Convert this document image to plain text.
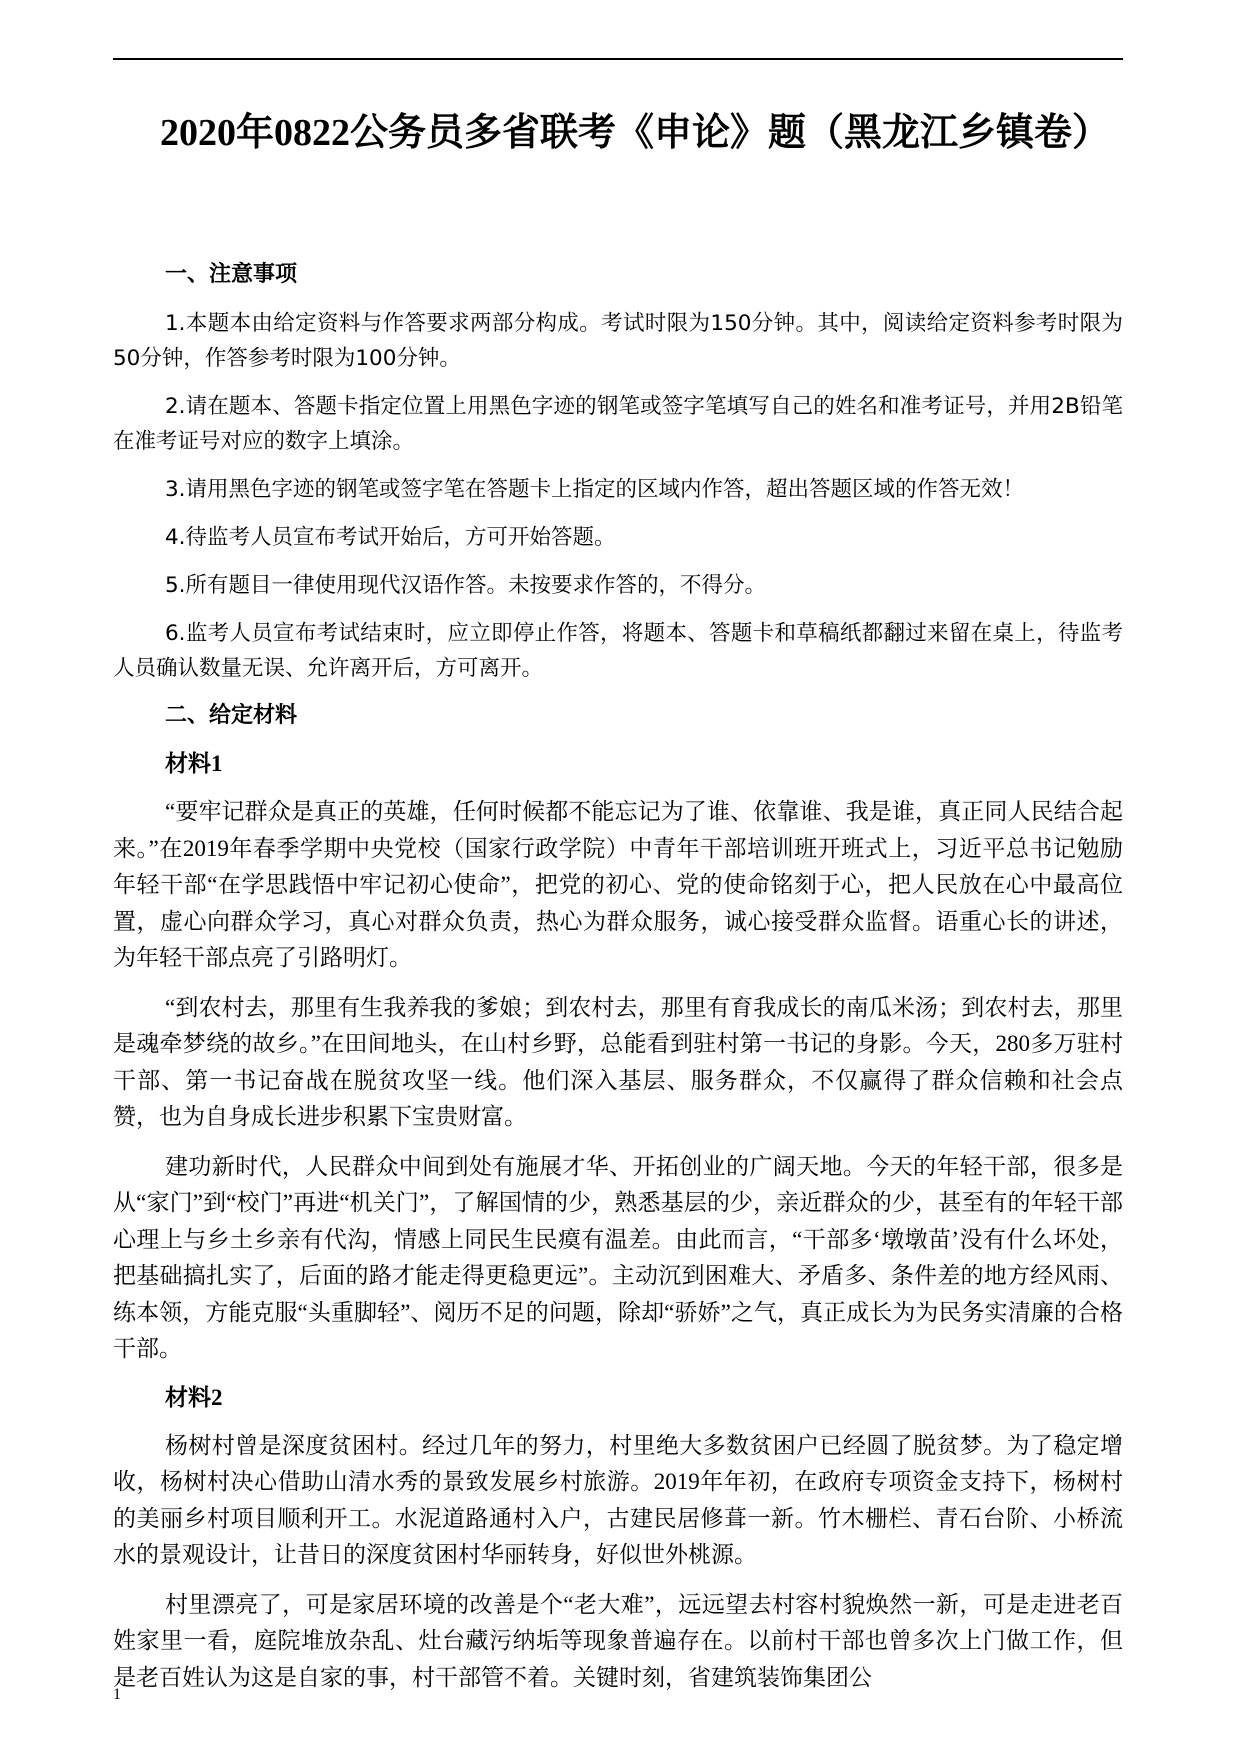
2020年0822公务员多省联考《申论》题（黑龙江乡镇卷）
一、注意事项

1.本题本由给定资料与作答要求两部分构成。考试时限为150分钟。其中，阅读给定资料参考时限为50分钟，作答参考时限为100分钟。

2.请在题本、答题卡指定位置上用黑色字迹的钢笔或签字笔填写自己的姓名和准考证号，并用2B铅笔在准考证号对应的数字上填涂。

3.请用黑色字迹的钢笔或签字笔在答题卡上指定的区域内作答，超出答题区域的作答无效！

4.待监考人员宣布考试开始后，方可开始答题。

5.所有题目一律使用现代汉语作答。未按要求作答的，不得分。

6.监考人员宣布考试结束时，应立即停止作答，将题本、答题卡和草稿纸都翻过来留在桌上，待监考人员确认数量无误、允许离开后，方可离开。

二、给定材料
材料1

“要牢记群众是真正的英雄，任何时候都不能忘记为了谁、依靠谁、我是谁，真正同人民结合起来。”在2019年春季学期中央党校（国家行政学院）中青年干部培训班开班式上，习近平总书记勉励年轻干部“在学思践悟中牢记初心使命”，把党的初心、党的使命铭刻于心，把人民放在心中最高位置，虚心向群众学习，真心对群众负责，热心为群众服务，诚心接受群众监督。语重心长的讲述，为年轻干部点亮了引路明灯。

“到农村去，那里有生我养我的爹娘；到农村去，那里有育我成长的南瓜米汤；到农村去，那里是魂牵梦绕的故乡。”在田间地头，在山村乡野，总能看到驻村第一书记的身影。今天，280多万驻村干部、第一书记奋战在脱贫攻坚一线。他们深入基层、服务群众，不仅赢得了群众信赖和社会点赞，也为自身成长进步积累下宝贵财富。

建功新时代，人民群众中间到处有施展才华、开拓创业的广阔天地。今天的年轻干部，很多是从“家门”到“校门”再进“机关门”，了解国情的少，熟悉基层的少，亲近群众的少，甚至有的年轻干部心理上与乡土乡亲有代沟，情感上同民生民瘼有温差。由此而言，“干部多‘墩墩苗’没有什么坏处，把基础搞扎实了，后面的路才能走得更稳更远”。主动沉到困难大、矛盾多、条件差的地方经风雨、练本领，方能克服“头重脚轻”、阅历不足的问题，除却“骄娇”之气，真正成长为为民务实清廉的合格干部。

材料2

杨树村曾是深度贫困村。经过几年的努力，村里绝大多数贫困户已经圆了脱贫梦。为了稳定增收，杨树村决心借助山清水秀的景致发展乡村旅游。2019年年初，在政府专项资金支持下，杨树村的美丽乡村项目顺利开工。水泥道路通村入户，古建民居修葺一新。竹木栅栏、青石台阶、小桥流水的景观设计，让昔日的深度贫困村华丽转身，好似世外桃源。

村里漂亮了，可是家居环境的改善是个“老大难”，远远望去村容村貌焕然一新，可是走进老百姓家里一看，庭院堆放杂乱、灶台藏污纳垢等现象普遍存在。以前村干部也曾多次上门做工作，但是老百姓认为这是自家的事，村干部管不着。关键时刻，省建筑装饰集团公

1
